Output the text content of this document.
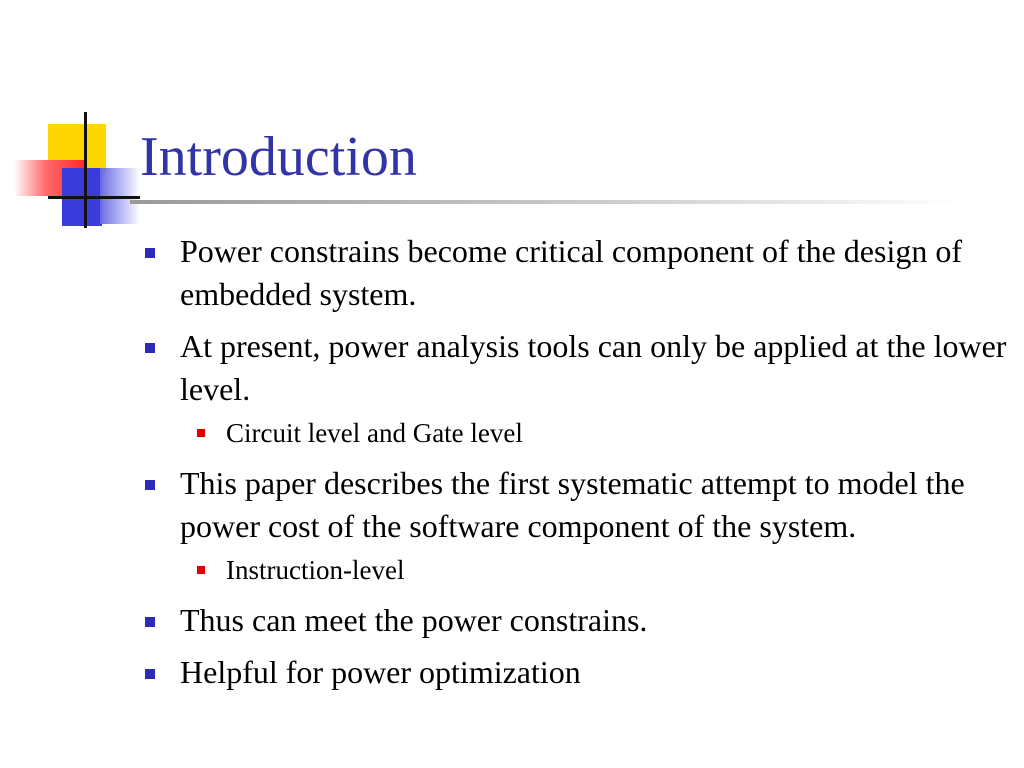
Introduction
Power constrains become critical component of the design of embedded system.
At present, power analysis tools can only be applied at the lower level.
Circuit level and Gate level
This paper describes the first systematic attempt to model the power cost of the software component of the system.
Instruction-level
Thus can meet the power constrains.
Helpful for power optimization
